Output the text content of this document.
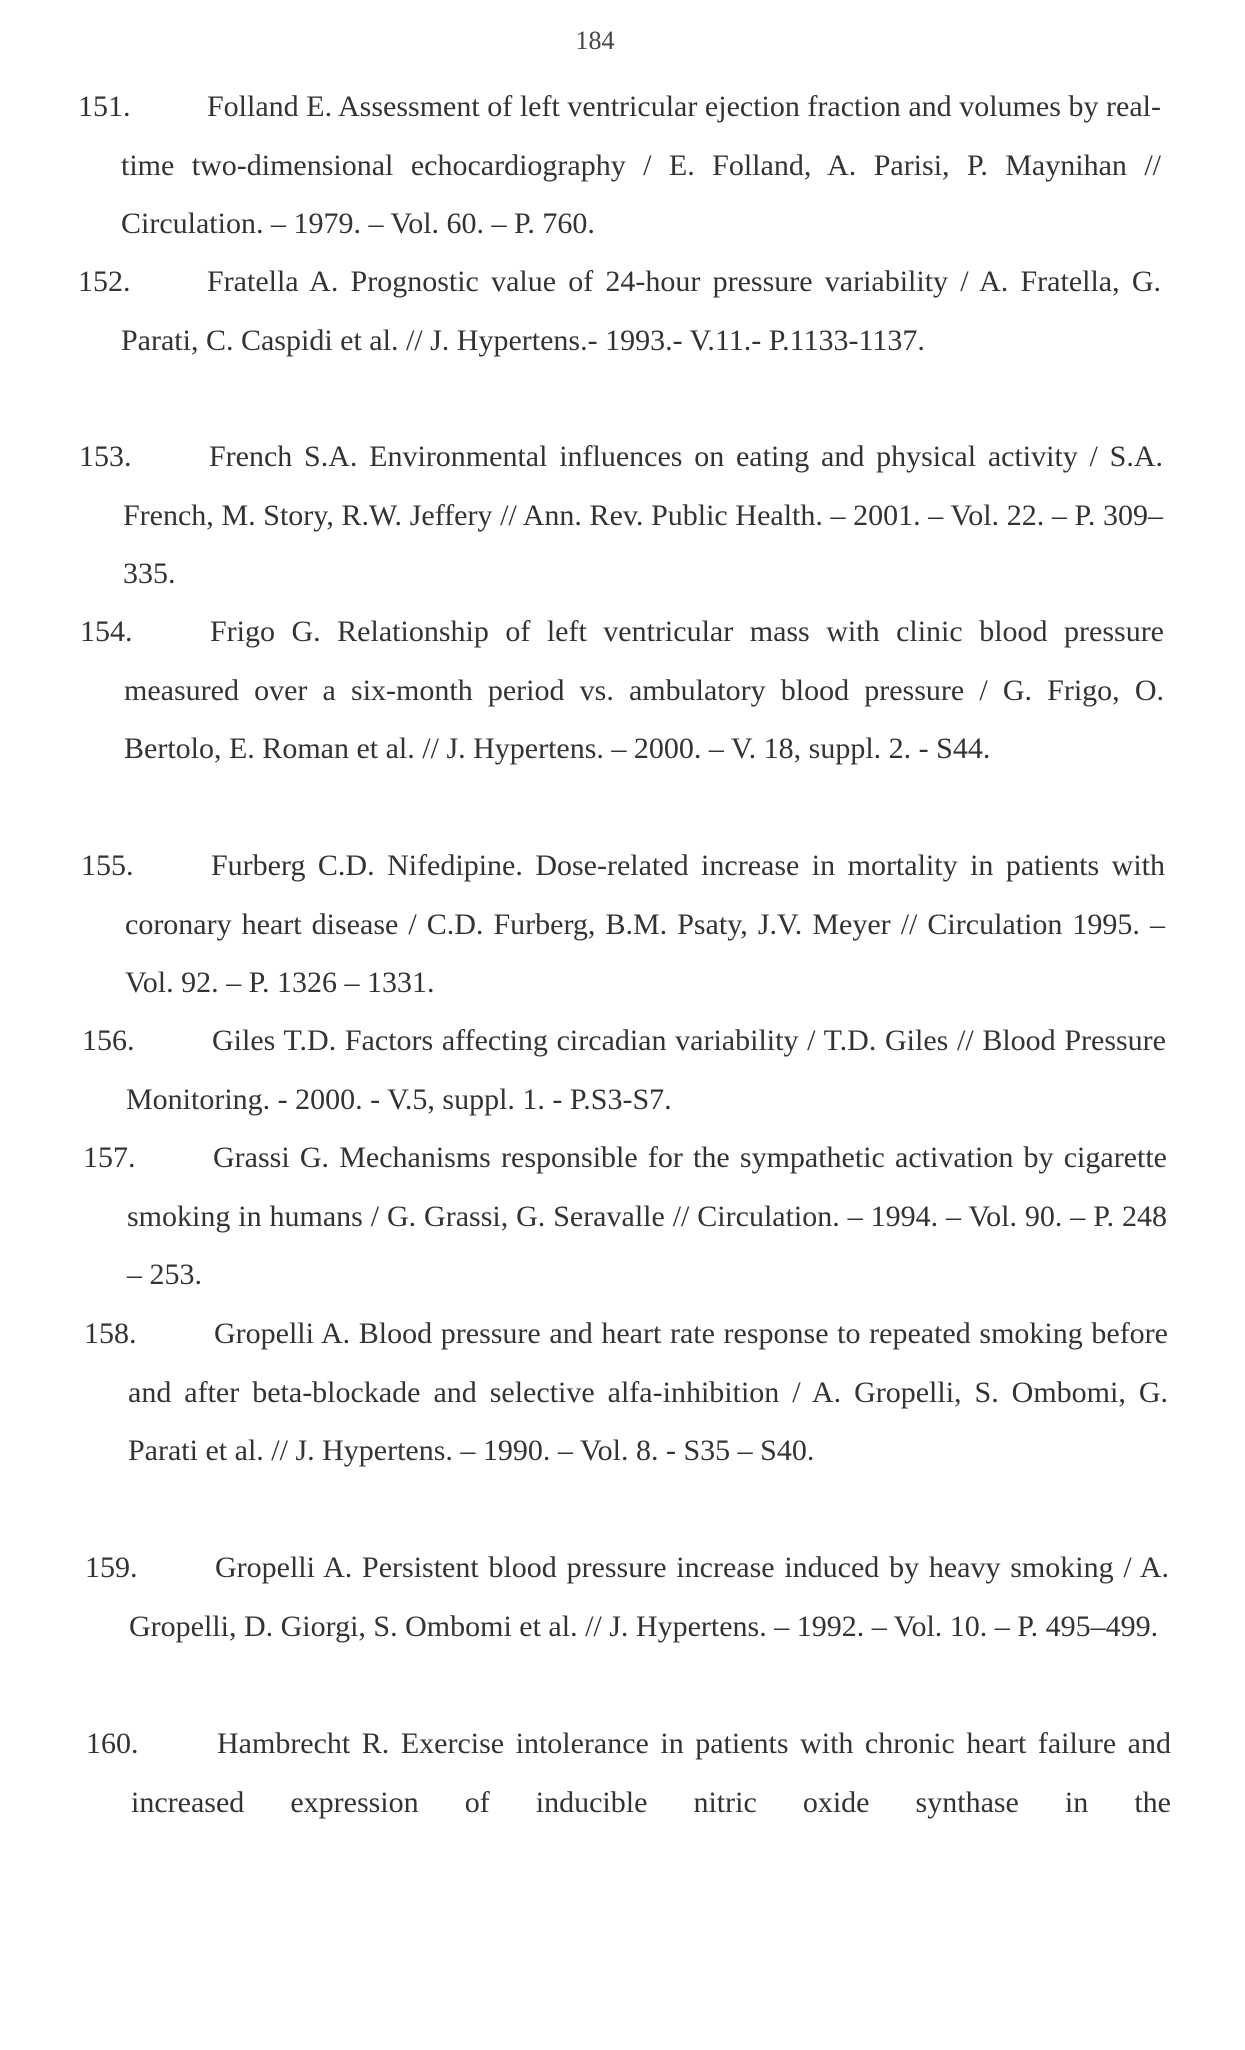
184
151.	Folland E. Assessment of left ventricular ejection fraction and volumes by real-time two-dimensional echocardiography / E. Folland, A. Parisi, P. Maynihan // Circulation. – 1979. – Vol. 60. – P. 760.
152.	Fratella A. Prognostic value of 24-hour pressure variability / A. Fratella, G. Parati, C. Caspidi et al. // J. Hypertens.- 1993.- V.11.- P.1133-1137.
153.	French S.A. Environmental influences on eating and physical activity / S.A. French, M. Story, R.W. Jeffery // Ann. Rev. Public Health. – 2001. – Vol. 22. – P. 309–335.
154.	Frigo G. Relationship of left ventricular mass with clinic blood pressure measured over a six-month period vs. ambulatory blood pressure / G. Frigo, O. Bertolo, E. Roman et al. // J. Hypertens. – 2000. – V. 18, suppl. 2. - S44.
155.	Furberg C.D. Nifedipine. Dose-related increase in mortality in patients with coronary heart disease / C.D. Furberg, B.M. Psaty, J.V. Meyer // Circulation 1995. – Vol. 92. – P. 1326 – 1331.
156.	Giles T.D. Factors affecting circadian variability / T.D. Giles // Blood Pressure Monitoring. - 2000. - V.5, suppl. 1. - P.S3-S7.
157.	Grassi G. Mechanisms responsible for the sympathetic activation by cigarette smoking in humans / G. Grassi, G. Seravalle // Circulation. – 1994. – Vol. 90. – P. 248 – 253.
158.	Gropelli A. Blood pressure and heart rate response to repeated smoking before and after beta-blockade and selective alfa-inhibition / A. Gropelli, S. Ombomi, G. Parati et al. // J. Hypertens. – 1990. – Vol. 8. - S35 – S40.
159.	Gropelli A. Persistent blood pressure increase induced by heavy smoking / A. Gropelli, D. Giorgi, S. Ombomi et al. // J. Hypertens. – 1992. – Vol. 10. – P. 495–499.
160.	Hambrecht R. Exercise intolerance in patients with chronic heart failure and increased expression of inducible nitric oxide synthase in the
